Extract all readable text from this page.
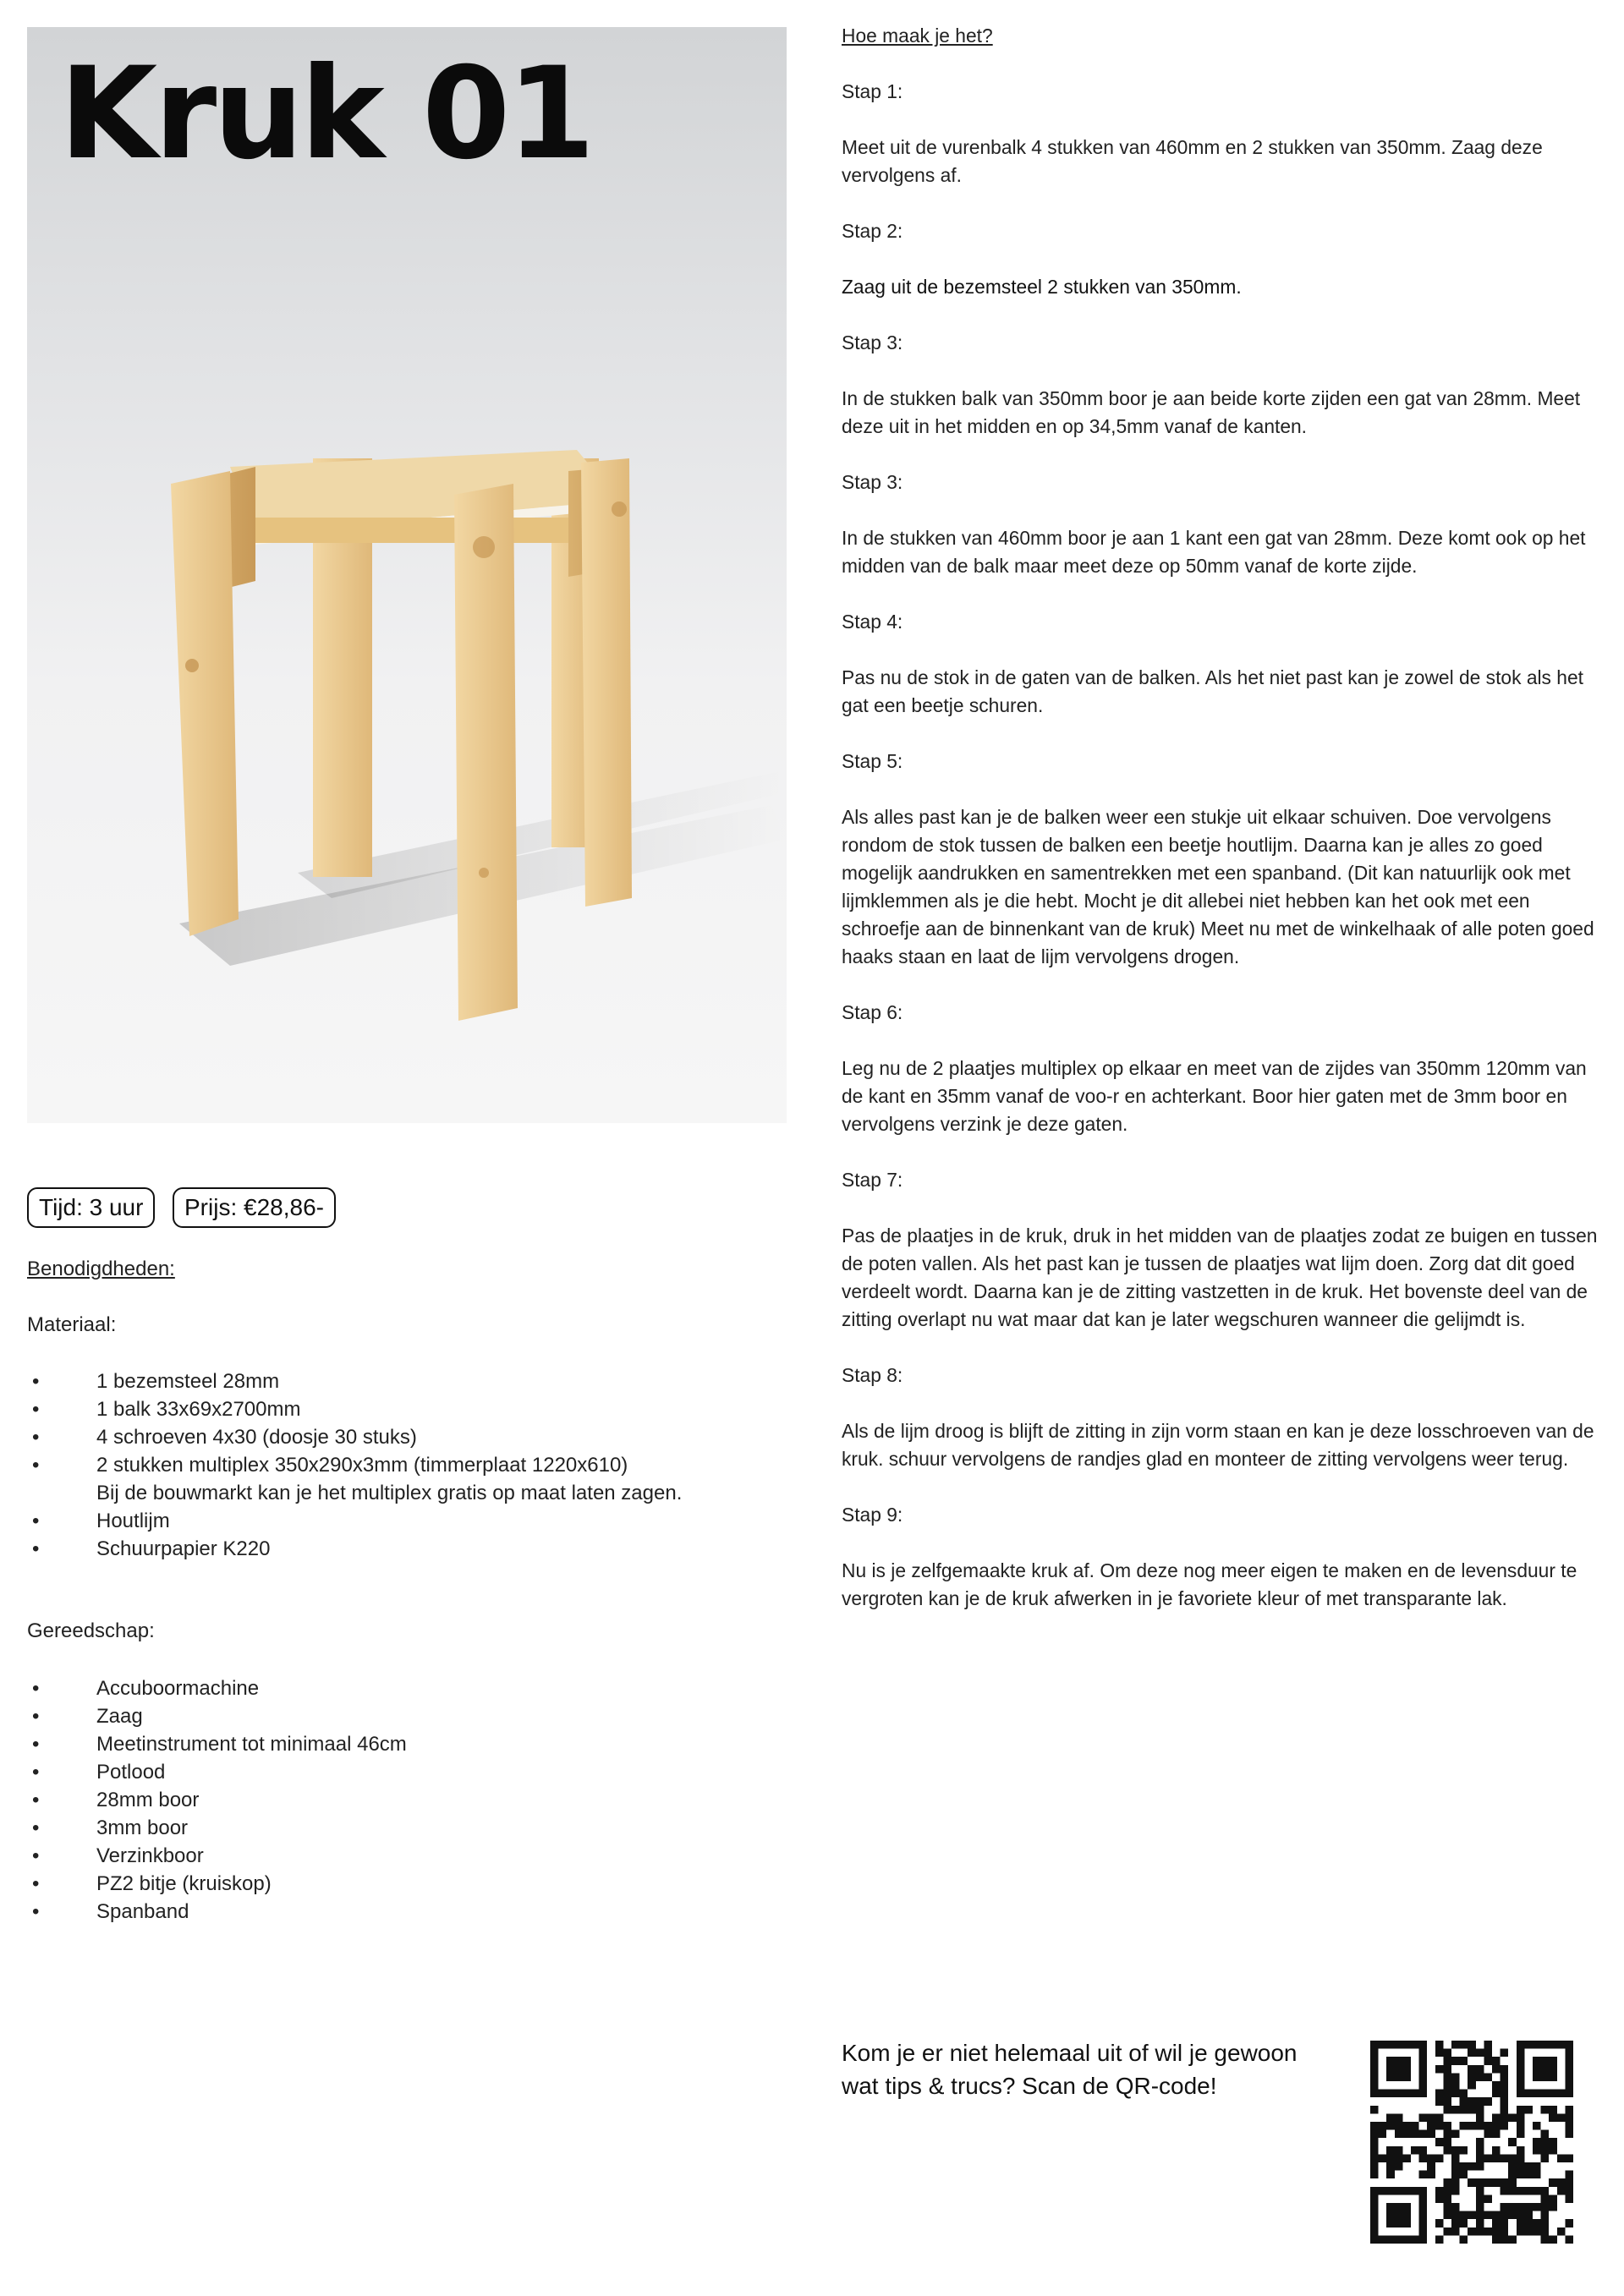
Kruk 01
Tijd: 3 uur	Prijs: €28,86-
Benodigdheden:
Materiaal:
• 1 bezemsteel 28mm
• 1 balk 33x69x2700mm
• 4 schroeven 4x30 (doosje 30 stuks)
• 2 stukken multiplex 350x290x3mm (timmerplaat 1220x610)
Bij de bouwmarkt kan je het multiplex gratis op maat laten zagen.
• Houtlijm
• Schuurpapier K220
Gereedschap:
• Accuboormachine
• Zaag
• Meetinstrument tot minimaal 46cm
• Potlood
• 28mm boor
• 3mm boor
• Verzinkboor
• PZ2 bitje (kruiskop)
• Spanband

Hoe maak je het?

Stap 1:

Meet uit de vurenbalk 4 stukken van 460mm en 2 stukken van 350mm. Zaag deze vervolgens af.

Stap 2:

Zaag uit de bezemsteel 2 stukken van 350mm.

Stap 3:

In de stukken balk van 350mm boor je aan beide korte zijden een gat van 28mm. Meet deze uit in het midden en op 34,5mm vanaf de kanten.

Stap 3:

In de stukken van 460mm boor je aan 1 kant een gat van 28mm. Deze komt ook op het midden van de balk maar meet deze op 50mm vanaf de korte zijde.

Stap 4:

Pas nu de stok in de gaten van de balken. Als het niet past kan je zowel de stok als het gat een beetje schuren.

Stap 5:

Als alles past kan je de balken weer een stukje uit elkaar schuiven. Doe vervolgens rondom de stok tussen de balken een beetje houtlijm. Daarna kan je alles zo goed mogelijk aandrukken en samentrekken met een spanband. (Dit kan natuurlijk ook met lijmklemmen als je die hebt. Mocht je dit allebei niet hebben kan het ook met een schroefje aan de binnenkant van de kruk) Meet nu met de winkelhaak of alle poten goed haaks staan en laat de lijm vervolgens drogen.

Stap 6:

Leg nu de 2 plaatjes multiplex op elkaar en meet van de zijdes van 350mm 120mm van de kant en 35mm vanaf de voo-r en achterkant. Boor hier gaten met de 3mm boor en vervolgens verzink je deze gaten.

Stap 7:

Pas de plaatjes in de kruk, druk in het midden van de plaatjes zodat ze buigen en tussen de poten vallen. Als het past kan je tussen de plaatjes wat lijm doen. Zorg dat dit goed verdeelt wordt. Daarna kan je de zitting vastzetten in de kruk. Het bovenste deel van de zitting overlapt nu wat maar dat kan je later wegschuren wanneer die gelijmdt is.

Stap 8:

Als de lijm droog is blijft de zitting in zijn vorm staan en kan je deze losschroeven van de kruk. schuur vervolgens de randjes glad en monteer de zitting vervolgens weer terug.

Stap 9:

Nu is je zelfgemaakte kruk af. Om deze nog meer eigen te maken en de levensduur te vergroten kan je de kruk afwerken in je favoriete kleur of met transparante lak.

Kom je er niet helemaal uit of wil je gewoon wat tips & trucs? Scan de QR-code!
